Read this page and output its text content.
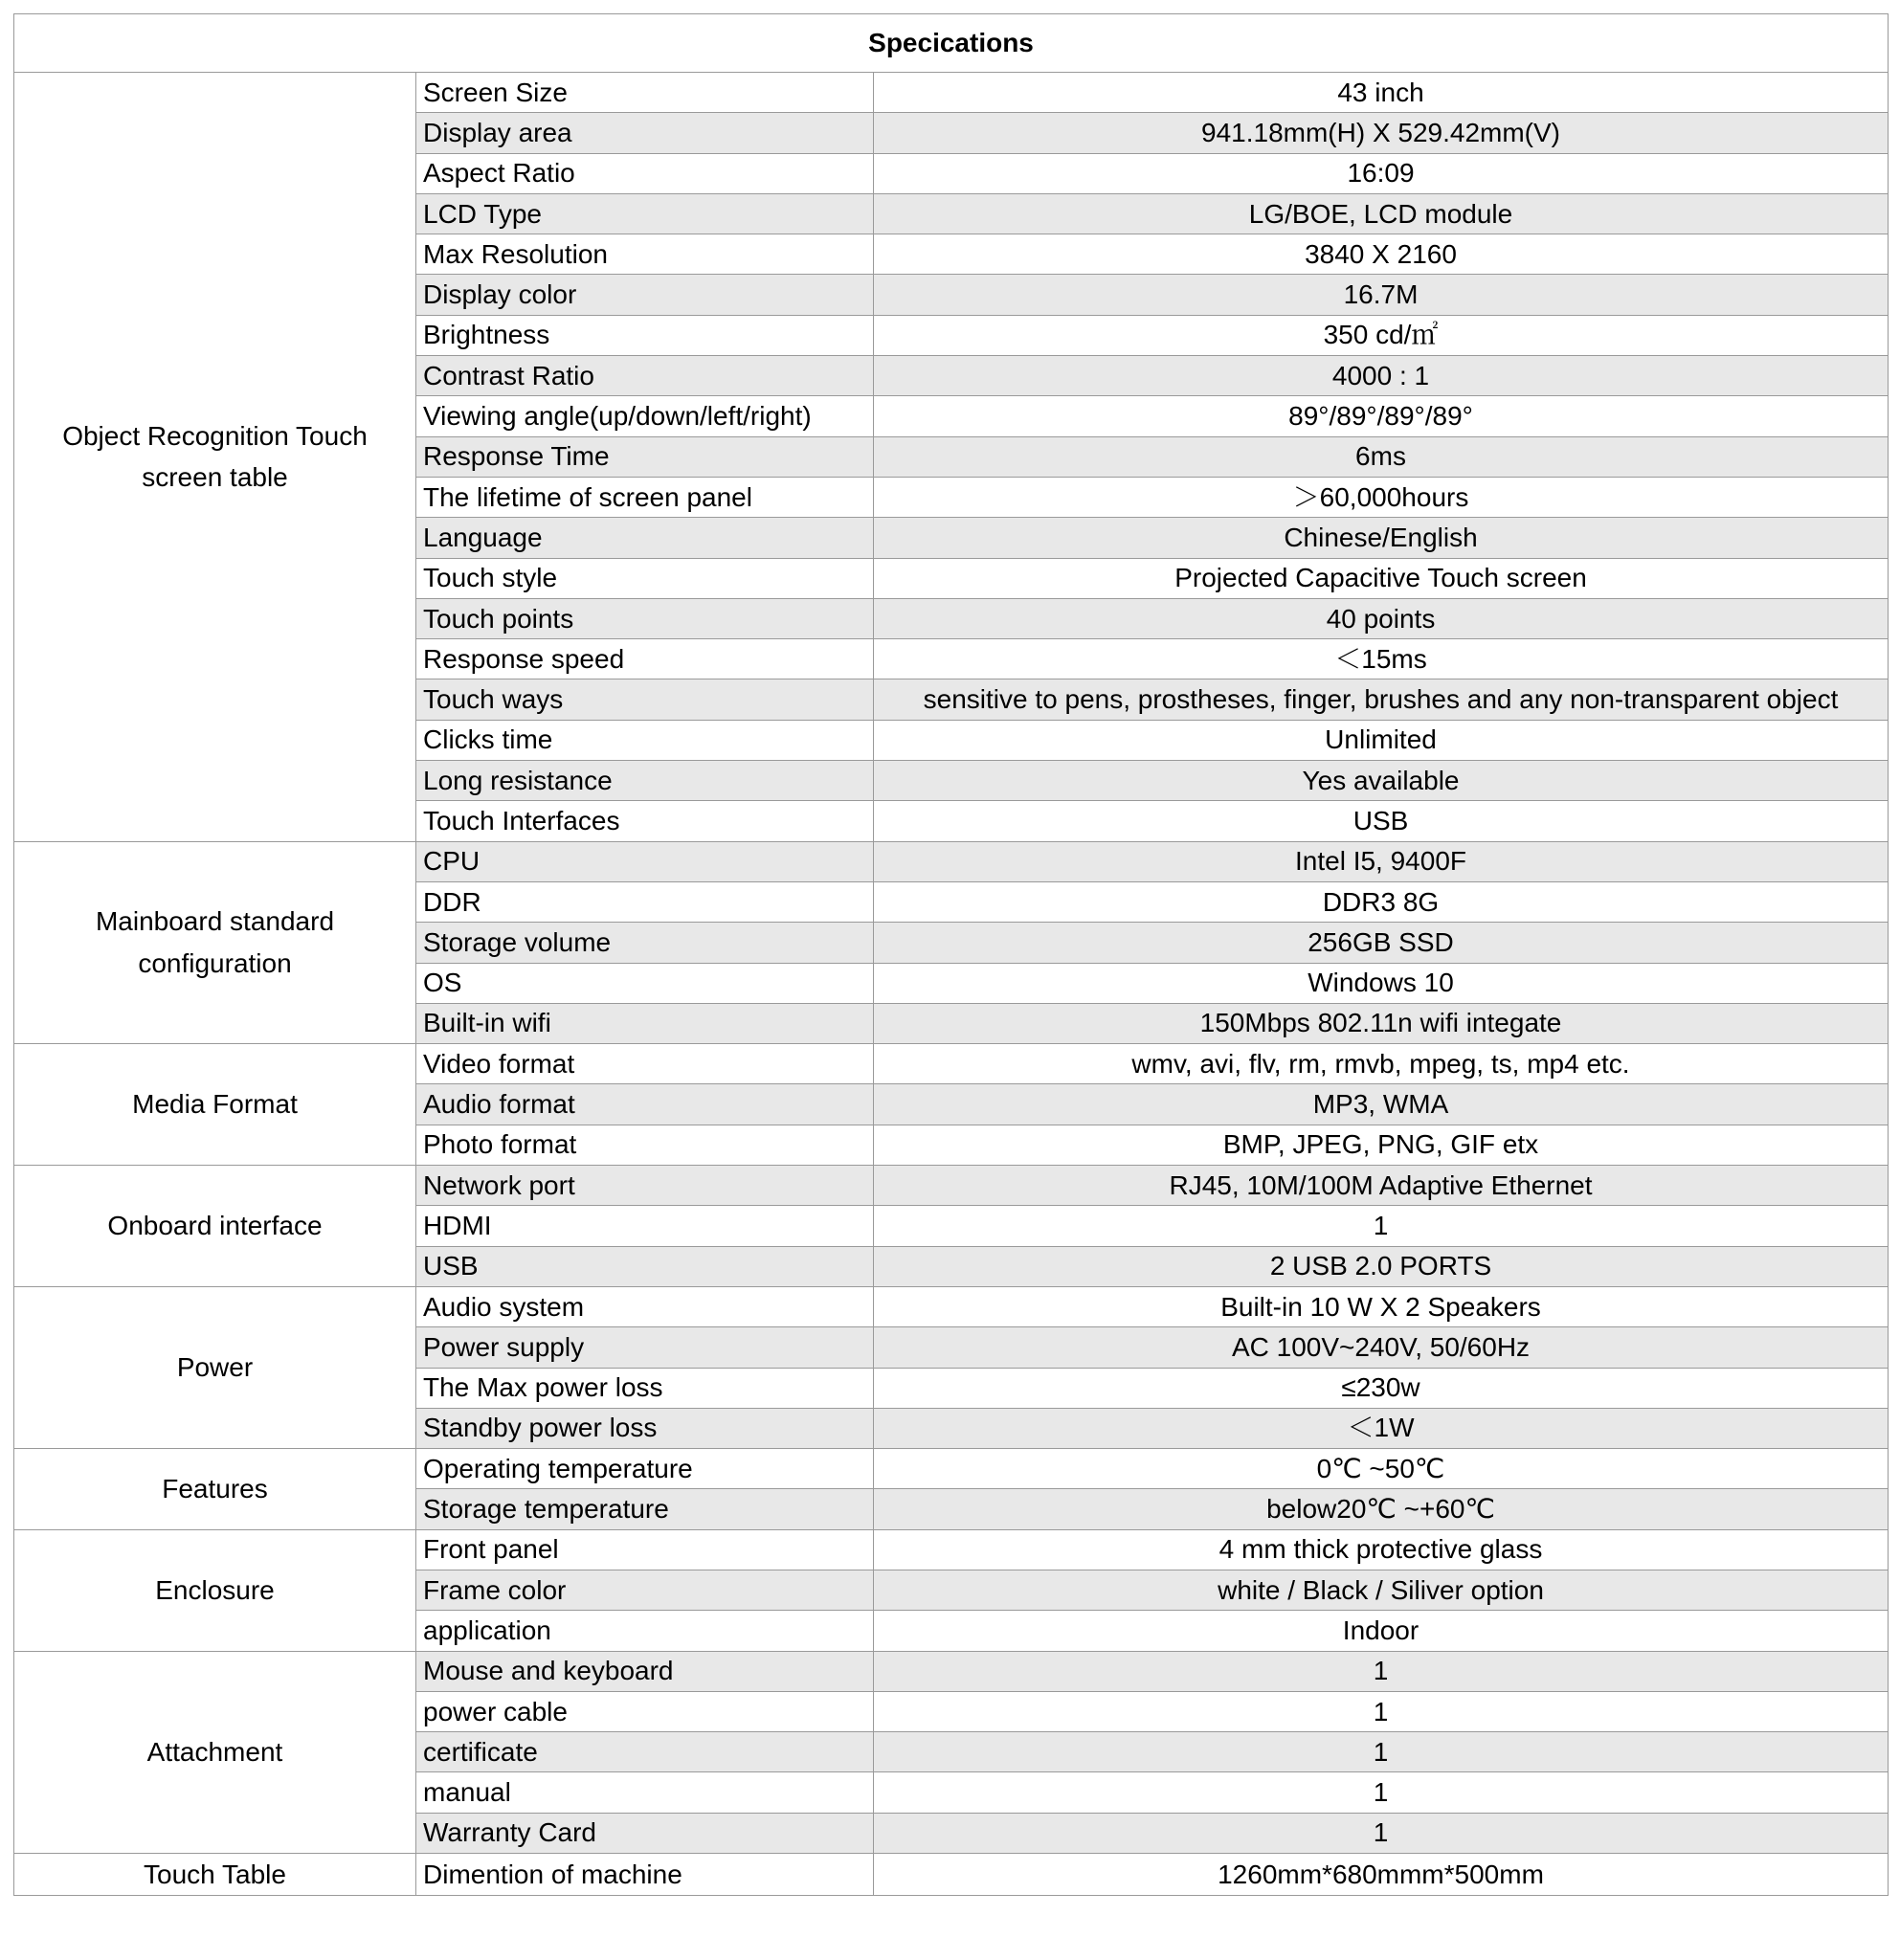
Specications		
Object Recognition Touch screen table	Screen Size	43 inch
	Display area	941.18mm(H) X 529.42mm(V)
	Aspect Ratio	16:09
	LCD Type	LG/BOE, LCD module
	Max Resolution	3840 X 2160
	Display color	16.7M
	Brightness	350 cd/㎡
	Contrast Ratio	4000 : 1
	Viewing angle(up/down/left/right)	89°/89°/89°/89°
	Response Time	6ms
	The lifetime of screen panel	＞60,000hours
	Language	Chinese/English
	Touch style	Projected Capacitive Touch screen
	Touch points	40 points
	Response speed	＜15ms
	Touch ways	sensitive to pens, prostheses, finger, brushes and any non-transparent object
	Clicks time	Unlimited
	Long resistance	Yes available
	Touch Interfaces	USB
Mainboard standard configuration	CPU	Intel I5, 9400F
	DDR	DDR3 8G
	Storage volume	256GB SSD
	OS	Windows 10
	Built-in wifi	150Mbps 802.11n wifi integate
Media Format	Video format	wmv, avi, flv, rm, rmvb, mpeg, ts, mp4 etc.
	Audio format	MP3, WMA
	Photo format	BMP, JPEG, PNG, GIF etx
Onboard interface	Network port	RJ45, 10M/100M Adaptive Ethernet
	HDMI	1
	USB	2 USB 2.0 PORTS
Power	Audio system	Built-in 10 W X 2 Speakers
	Power supply	AC 100V~240V, 50/60Hz
	The Max power loss	≤230w
	Standby power loss	＜1W
Features	Operating temperature	0℃ ~50℃
	Storage temperature	below20℃ ~+60℃
Enclosure	Front panel	4 mm thick protective glass
	Frame color	white / Black / Siliver option
	application	Indoor
Attachment	Mouse and keyboard	1
	power cable	1
	certificate	1
	manual	1
	Warranty Card	1
Touch Table	Dimention of machine	1260mm*680mmm*500mm
